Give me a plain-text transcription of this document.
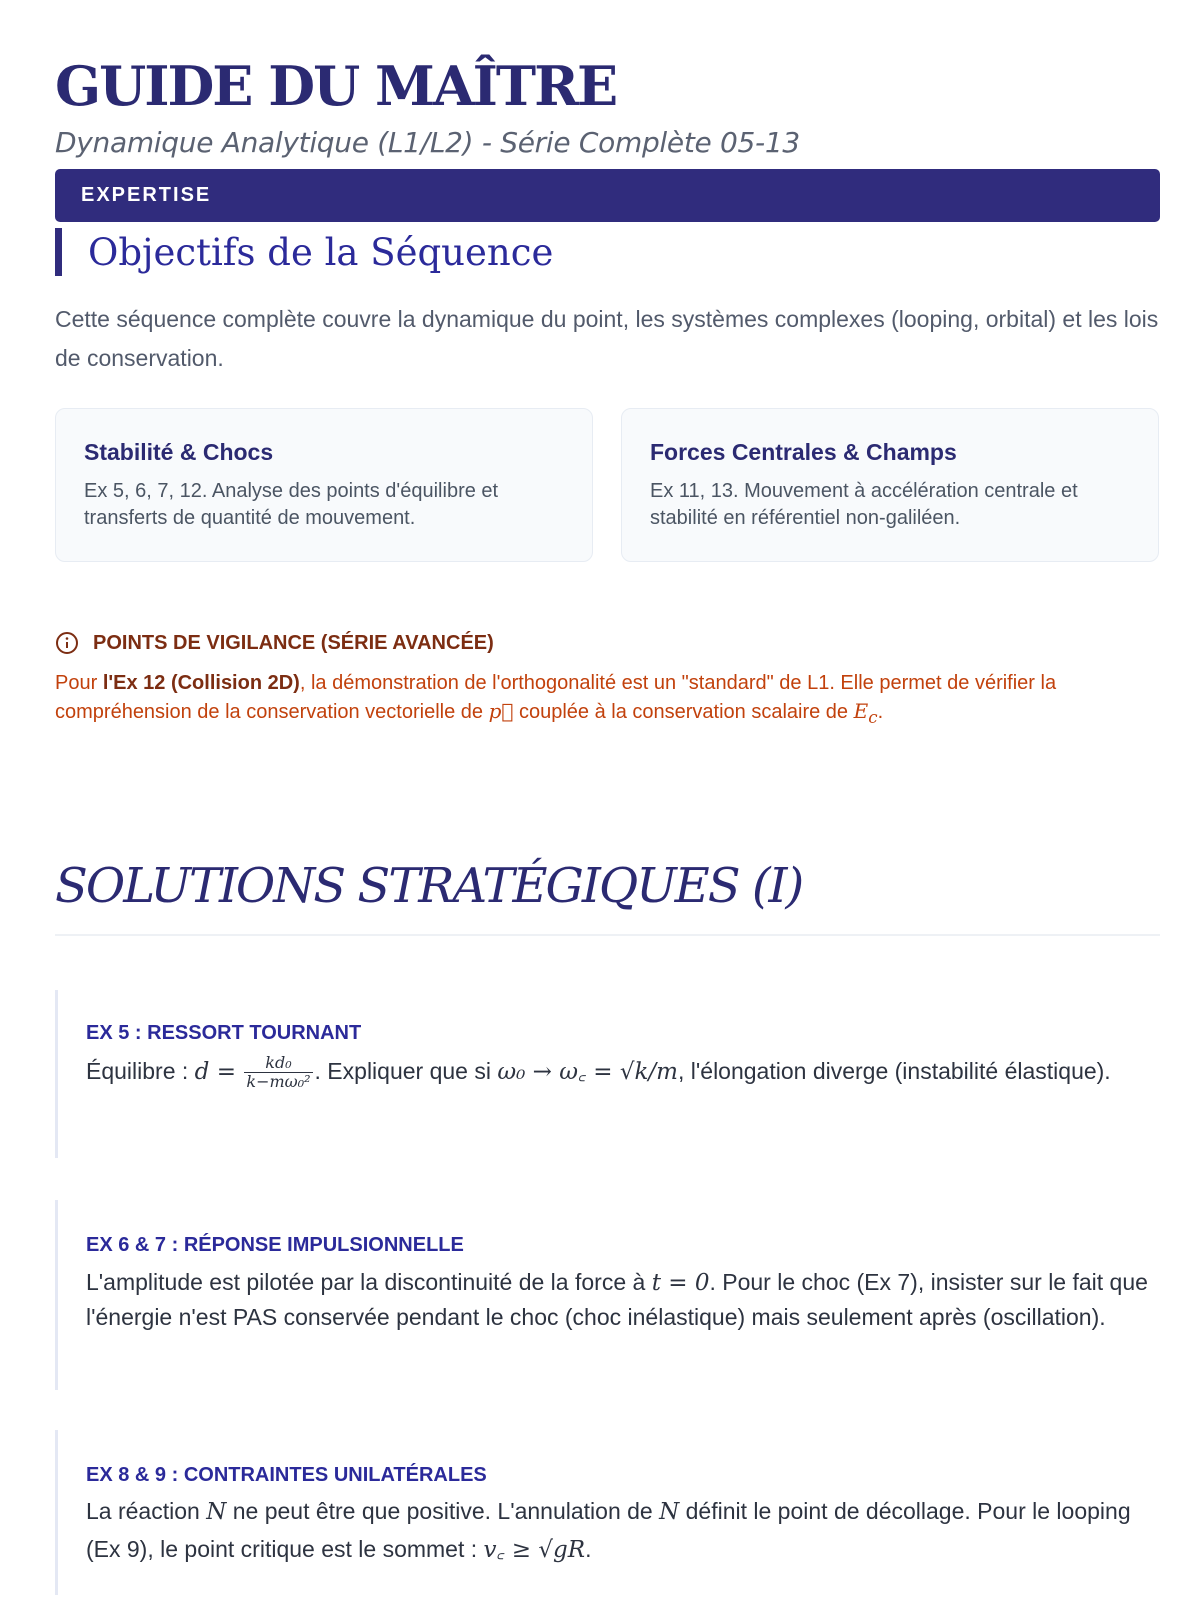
GUIDE DU MAÎTRE
Dynamique Analytique (L1/L2) - Série Complète 05-13
EXPERTISE
Objectifs de la Séquence
Cette séquence complète couvre la dynamique du point, les systèmes complexes (looping, orbital) et les lois de conservation.
Stabilité & Chocs

Ex 5, 6, 7, 12. Analyse des points d'équilibre et transferts de quantité de mouvement.

Forces Centrales & Champs

Ex 11, 13. Mouvement à accélération centrale et stabilité en référentiel non-galiléen.

POINTS DE VIGILANCE (SÉRIE AVANCÉE)
Pour l'Ex 12 (Collision 2D), la démonstration de l'orthogonalité est un "standard" de L1. Elle permet de vérifier la compréhension de la conservation vectorielle de p⃗ couplée à la conservation scalaire de $E_c$.
SOLUTIONS STRATÉGIQUES (I)
EX 5 : RESSORT TOURNANT

Équilibre : $d = \frac{\text{kd₀}}{\text{k−mω₀²}}$ . Expliquer que si ω₀ → ω꜀ = √k/m, l'élongation diverge (instabilité élastique).

EX 6 & 7 : RÉPONSE IMPULSIONNELLE

L'amplitude est pilotée par la discontinuité de la force à t = 0. Pour le choc (Ex 7), insister sur le fait que l'énergie n'est PAS conservée pendant le choc (choc inélastique) mais seulement après (oscillation).

EX 8 & 9 : CONTRAINTES UNILATÉRALES

La réaction N ne peut être que positive. L'annulation de N définit le point de décollage. Pour le looping (Ex 9), le point critique est le sommet : v꜀ ≥ √gR.
